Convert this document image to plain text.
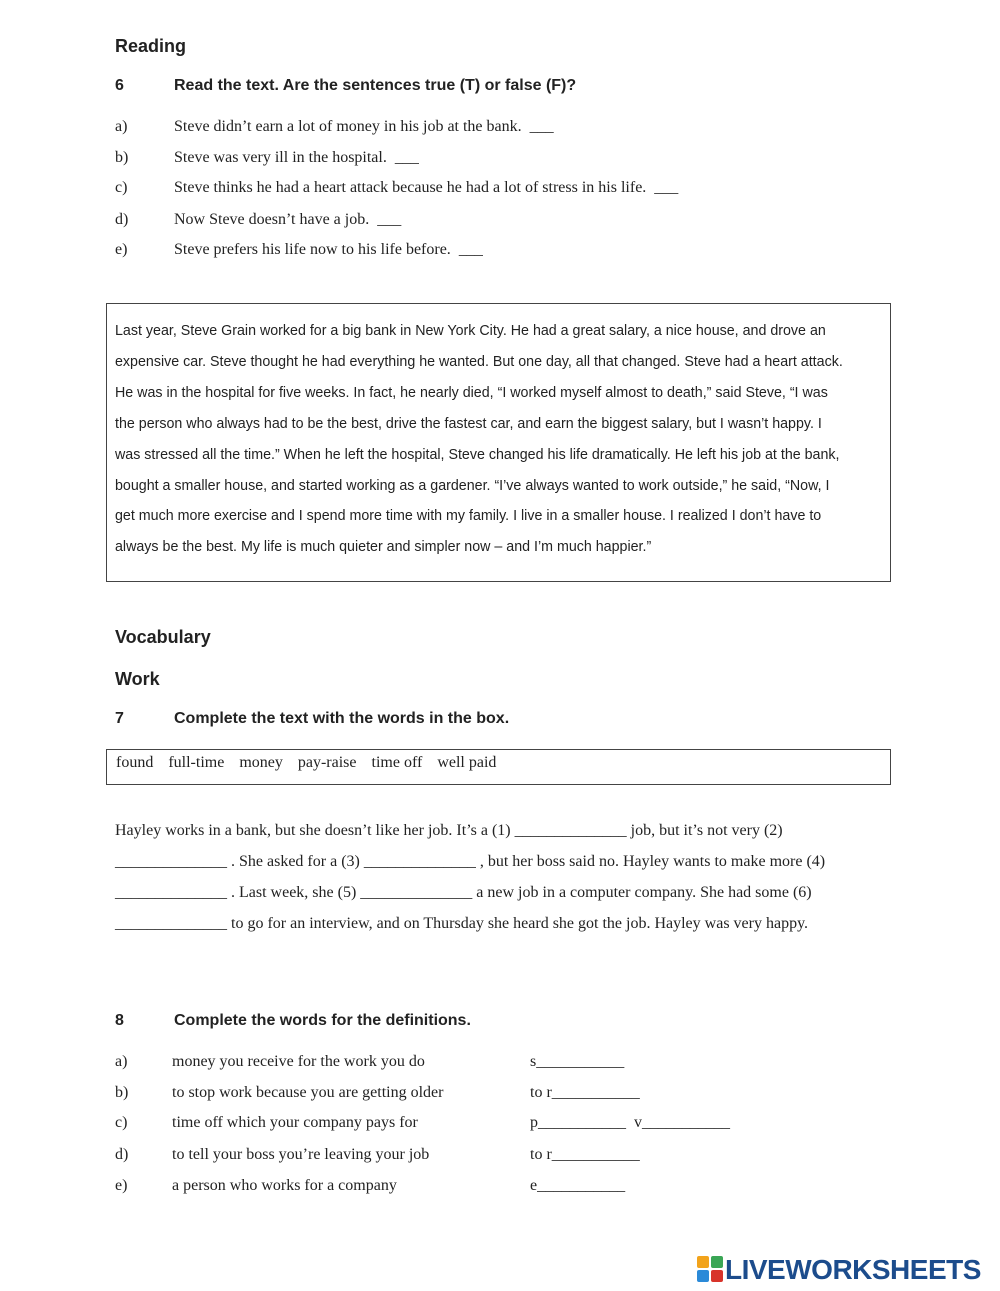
Reading
6	Read the text. Are the sentences true (T) or false (F)?
a)	Steve didn’t earn a lot of money in his job at the bank. ___
b)	Steve was very ill in the hospital. ___
c)	Steve thinks he had a heart attack because he had a lot of stress in his life. ___
d)	Now Steve doesn’t have a job. ___
e)	Steve prefers his life now to his life before. ___
Last year, Steve Grain worked for a big bank in New York City. He had a great salary, a nice house, and drove an expensive car. Steve thought he had everything he wanted. But one day, all that changed. Steve had a heart attack. He was in the hospital for five weeks. In fact, he nearly died, “I worked myself almost to death,” said Steve, “I was the person who always had to be the best, drive the fastest car, and earn the biggest salary, but I wasn’t happy. I was stressed all the time.” When he left the hospital, Steve changed his life dramatically. He left his job at the bank, bought a smaller house, and started working as a gardener. “I’ve always wanted to work outside,” he said, “Now, I get much more exercise and I spend more time with my family. I live in a smaller house. I realized I don’t have to always be the best. My life is much quieter and simpler now – and I’m much happier.”
Vocabulary
Work
7	Complete the text with the words in the box.
found full-time money pay-raise time off well paid
Hayley works in a bank, but she doesn’t like her job. It’s a (1) ______________ job, but it’s not very (2) ______________ . She asked for a (3) ______________ , but her boss said no. Hayley wants to make more (4) ______________ . Last week, she (5) ______________ a new job in a computer company. She had some (6) ______________ to go for an interview, and on Thursday she heard she got the job. Hayley was very happy.
8	Complete the words for the definitions.
a)	money you receive for the work you do	s___________
b)	to stop work because you are getting older	to r___________
c)	time off which your company pays for	p___________  v___________
d)	to tell your boss you’re leaving your job	to r___________
e)	a person who works for a company	e___________
LIVEWORKSHEETS
